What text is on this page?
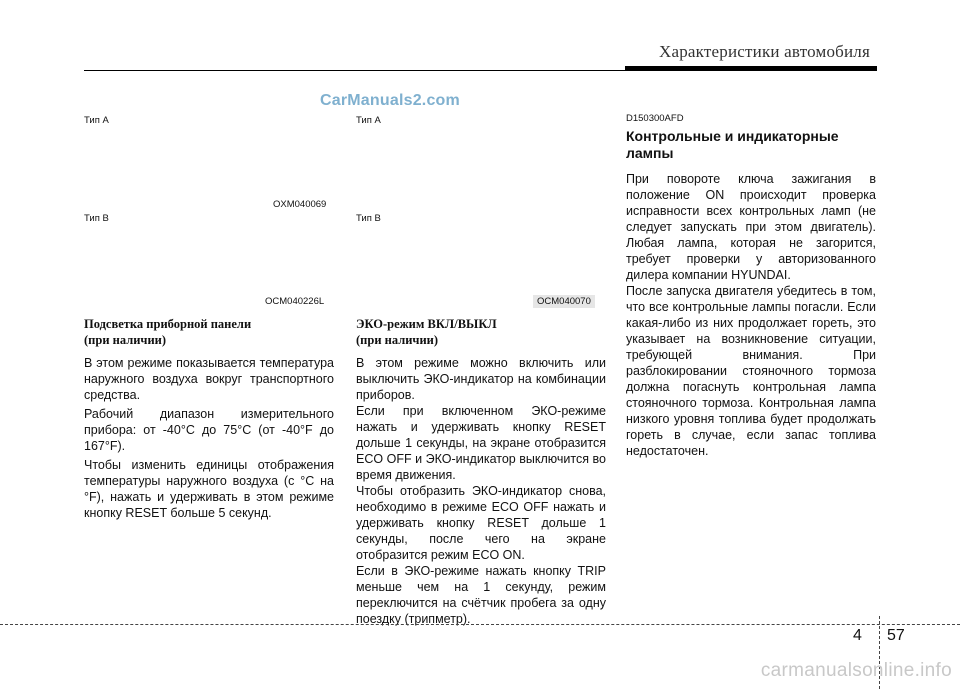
Характеристики автомобиля
CarManuals2.com
Тип A
OXM040069
Тип B
OCM040226L
Подсветка приборной панели
(при наличии)

В этом режиме показывается температура наружного воздуха вокруг транспортного средства.

Рабочий диапазон измерительного прибора: от -40°C до 75°C (от -40°F до 167°F).

Чтобы изменить единицы отображения температуры наружного воздуха (с °C на °F), нажать и удерживать в этом режиме кнопку RESET больше 5 секунд.

Тип A
Тип B
OCM040070
ЭКО-режим ВКЛ/ВЫКЛ
(при наличии)

В этом режиме можно включить или выключить ЭКО-индикатор на комбинации приборов.

Если при включенном ЭКО-режиме нажать и удерживать кнопку RESET дольше 1 секунды, на экране отобразится ECO OFF и ЭКО-индикатор выключится во время движения.

Чтобы отобразить ЭКО-индикатор снова, необходимо в режиме ECO OFF нажать и удерживать кнопку RESET дольше 1 секунды, после чего на экране отобразится режим ECO ON.

Если в ЭКО-режиме нажать кнопку TRIP меньше чем на 1 секунду, режим переключится на счётчик пробега за одну поездку (трипметр).

D150300AFD
Контрольные и индикаторные
лампы

При повороте ключа зажигания в положение ON происходит проверка исправности всех контрольных ламп (не следует запускать при этом двигатель). Любая лампа, которая не загорится, требует проверки у авторизованного дилера компании HYUNDAI.

После запуска двигателя убедитесь в том, что все контрольные лампы погасли. Если какая-либо из них продолжает гореть, это указывает на возникновение ситуации, требующей внимания. При разблокировании стояночного тормоза должна погаснуть контрольная лампа стояночного тормоза. Контрольная лампа низкого уровня топлива будет продолжать гореть в случае, если запас топлива недостаточен.

4 57
carmanualsonline.info
